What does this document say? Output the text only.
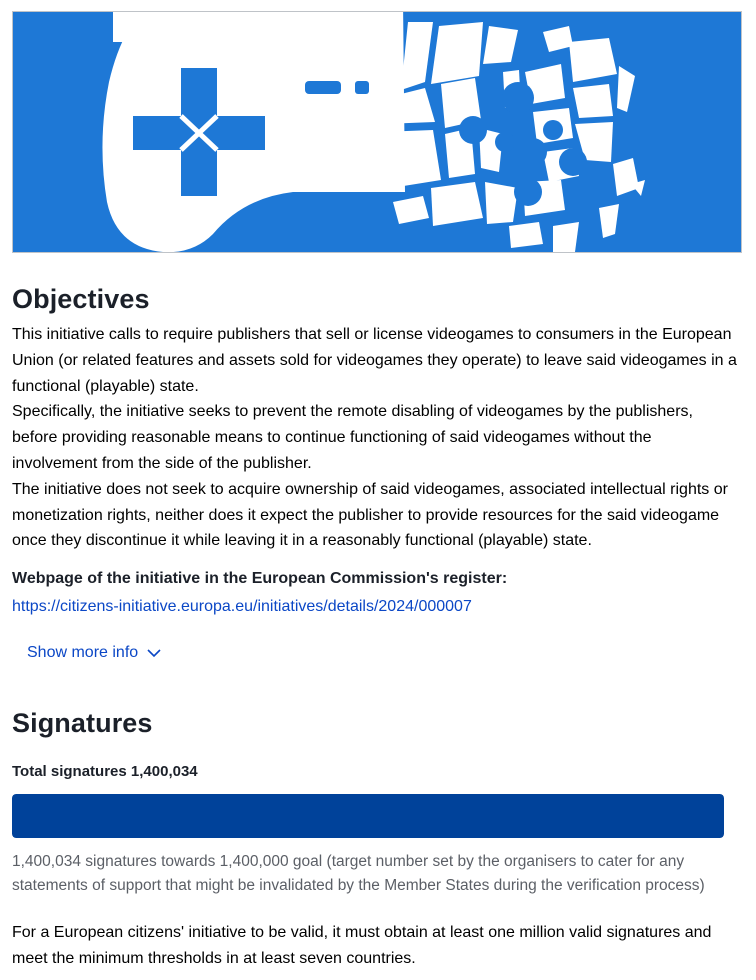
Objectives

This initiative calls to require publishers that sell or license videogames to consumers in the European Union (or related features and assets sold for videogames they operate) to leave said videogames in a functional (playable) state.

Specifically, the initiative seeks to prevent the remote disabling of videogames by the publishers, before providing reasonable means to continue functioning of said videogames without the involvement from the side of the publisher.

The initiative does not seek to acquire ownership of said videogames, associated intellectual rights or monetization rights, neither does it expect the publisher to provide resources for the said videogame once they discontinue it while leaving it in a reasonably functional (playable) state.

Webpage of the initiative in the European Commission's register:
https://citizens-initiative.europa.eu/initiatives/details/2024/000007
Show more info
Signatures
Total signatures 1,400,034

1,400,034 signatures towards 1,400,000 goal (target number set by the organisers to cater for any statements of support that might be invalidated by the Member States during the verification process)

For a European citizens' initiative to be valid, it must obtain at least one million valid signatures and meet the minimum thresholds in at least seven countries.
